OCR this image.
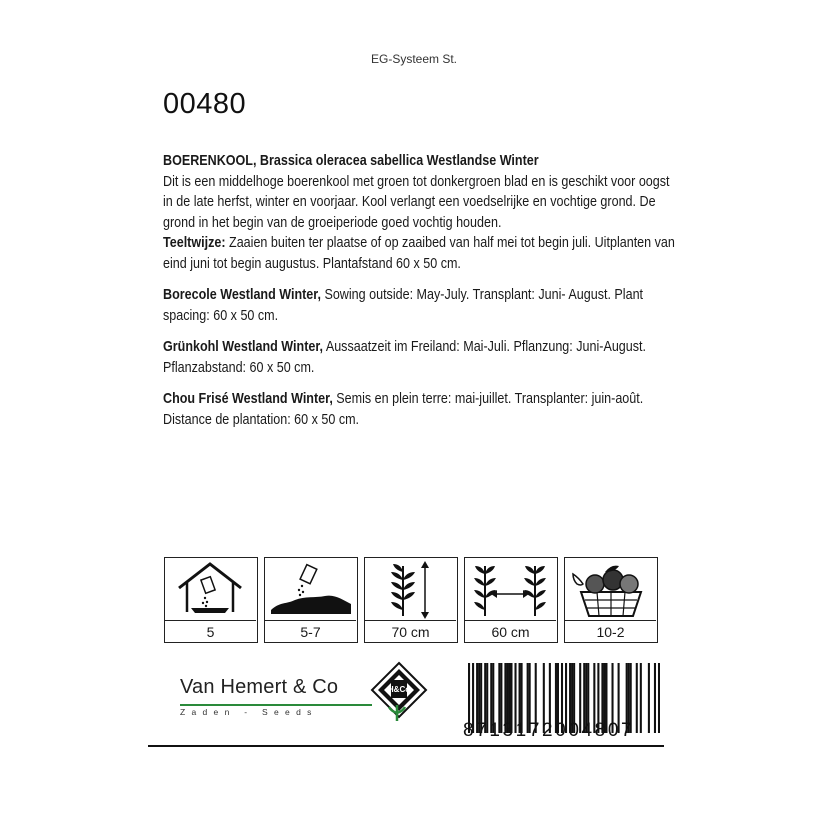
EG-Systeem St.
00480

BOERENKOOL, Brassica oleracea sabellica Westlandse Winter
Dit is een middelhoge boerenkool met groen tot donkergroen blad en is geschikt voor oogst in de late herfst, winter en voorjaar. Kool verlangt een voedselrijke en vochtige grond. De grond in het begin van de groeiperiode goed vochtig houden.
Teeltwijze: Zaaien buiten ter plaatse of op zaaibed van half mei tot begin juli. Uitplanten van eind juni tot begin augustus. Plantafstand 60 x 50 cm.

Borecole Westland Winter, Sowing outside: May-July. Transplant: Juni- August. Plant spacing: 60 x 50 cm.

Grünkohl Westland Winter, Aussaatzeit im Freiland: Mai-Juli. Pflanzung: Juni-August. Pflanzabstand: 60 x 50 cm.

Chou Frisé Westland Winter, Semis en plein terre: mai-juillet. Transplanter: juin-août. Distance de plantation: 60 x 50 cm.

5	5-7	70 cm	60 cm	10-2
Van Hemert & Co
Zaden - Seeds
H&Co
8713172004807
